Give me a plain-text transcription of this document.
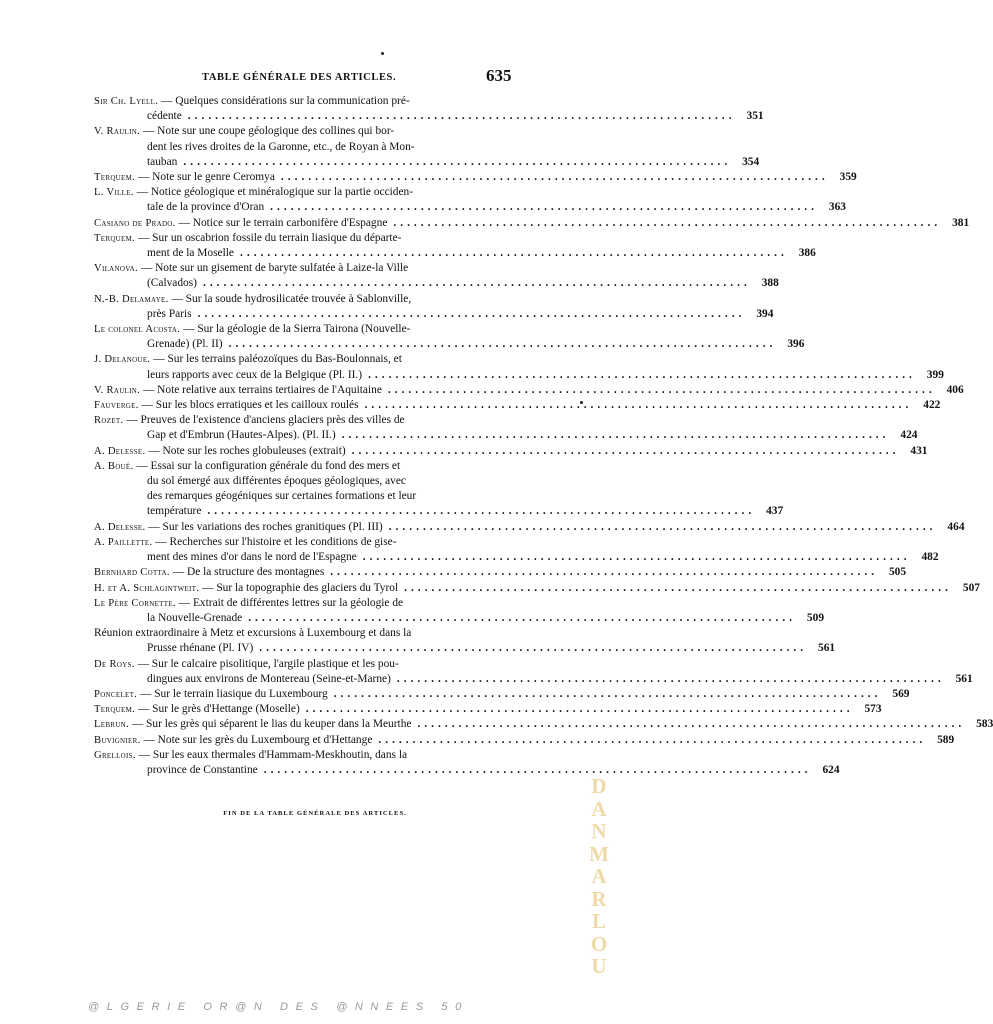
TABLE GÉNÉRALE DES ARTICLES.	635
Sir Ch. Lyell. — Quelques considérations sur la communication pré-
cédente ................................................................................ 351
V. Raulin. — Note sur une coupe géologique des collines qui bor-
dent les rives droites de la Garonne, etc., de Royan à Mon-
tauban ................................................................................ 354
Terquem. — Note sur le genre Ceromya ................................................................................ 359
L. Ville. — Notice géologique et minéralogique sur la partie occiden-
tale de la province d'Oran ................................................................................ 363
Casiano de Prado. — Notice sur le terrain carbonifère d'Espagne ................................................................................ 381
Terquem. — Sur un oscabrion fossile du terrain liasique du départe-
ment de la Moselle ................................................................................ 386
Vilanova. — Note sur un gisement de baryte sulfatée à Laize-la Ville
(Calvados) ................................................................................ 388
N.-B. Delamaye. — Sur la soude hydrosilicatée trouvée à Sablonville,
près Paris ................................................................................ 394
Le colonel Acosta. — Sur la géologie de la Sierra Tairona (Nouvelle-
Grenade) (Pl. II) ................................................................................ 396
J. Delanoue. — Sur les terrains paléozoïques du Bas-Boulonnais, et
leurs rapports avec ceux de la Belgique (Pl. II.) ................................................................................ 399
V. Raulin. — Note relative aux terrains tertiaires de l'Aquitaine ................................................................................ 406
Fauverge. — Sur les blocs erratiques et les cailloux roulés ................................................................................ 422
Rozet. — Preuves de l'existence d'anciens glaciers près des villes de
Gap et d'Embrun (Hautes-Alpes). (Pl. II.) ................................................................................ 424
A. Delesse. — Note sur les roches globuleuses (extrait) ................................................................................ 431
A. Boué. — Essai sur la configuration générale du fond des mers et
du sol émergé aux différentes époques géologiques, avec
des remarques géogéniques sur certaines formations et leur
température ................................................................................ 437
A. Delesse. — Sur les variations des roches granitiques (Pl. III) ................................................................................ 464
A. Paillette. — Recherches sur l'histoire et les conditions de gise-
ment des mines d'or dans le nord de l'Espagne ................................................................................ 482
Bernhard Cotta. — De la structure des montagnes ................................................................................ 505
H. et A. Schlagintweit. — Sur la topographie des glaciers du Tyrol ................................................................................ 507
Le Père Cornette. — Extrait de différentes lettres sur la géologie de
la Nouvelle-Grenade ................................................................................ 509
Réunion extraordinaire à Metz et excursions à Luxembourg et dans la
Prusse rhénane (Pl. IV) ................................................................................ 561
De Roys. — Sur le calcaire pisolitique, l'argile plastique et les pou-
dingues aux environs de Montereau (Seine-et-Marne) ................................................................................ 561
Poncelet. — Sur le terrain liasique du Luxembourg ................................................................................ 569
Terquem. — Sur le grès d'Hettange (Moselle) ................................................................................ 573
Lebrun. — Sur les grès qui séparent le lias du keuper dans la Meurthe ................................................................................ 583
Buvignier. — Note sur les grès du Luxembourg et d'Hettange ................................................................................ 589
Grellois. — Sur les eaux thermales d'Hammam-Meskhoutin, dans la
province de Constantine ................................................................................ 624
FIN DE LA TABLE GÉNÉRALE DES ARTICLES.
D
A
N
M
A
R
L
O
U
@LGERIE OR@N DES @NNEES 50
